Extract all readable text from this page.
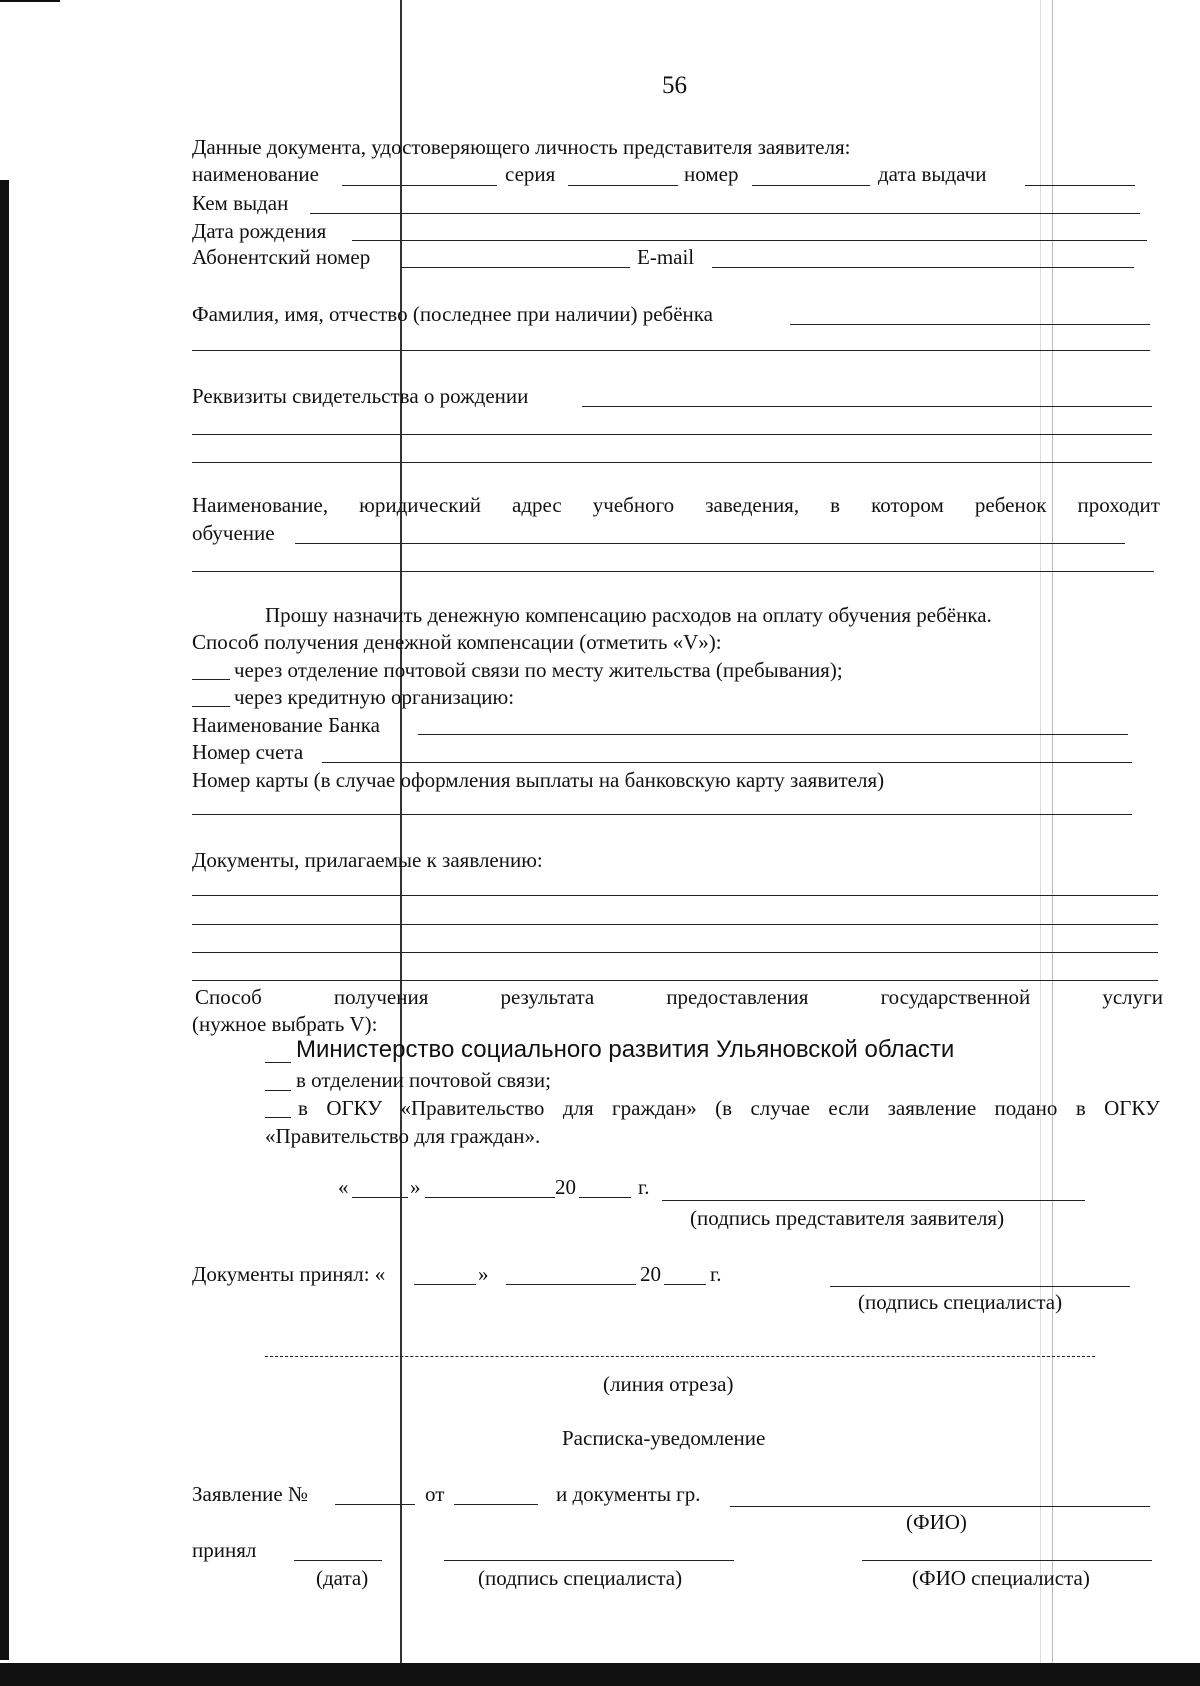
56
Данные документа, удостоверяющего личность представителя заявителя:
наименование	серия	номер	дата выдачи
Кем выдан
Дата рождения
Абонентский номер	E-mail
Фамилия, имя, отчество (последнее при наличии) ребёнка
Реквизиты свидетельства о рождении
Наименование, юридический адрес учебного заведения, в котором ребенок проходит
обучение
Прошу назначить денежную компенсацию расходов на оплату обучения ребёнка.
Способ получения денежной компенсации (отметить «V»):
через отделение почтовой связи по месту жительства (пребывания);
через кредитную организацию:
Наименование Банка
Номер счета
Номер карты (в случае оформления выплаты на банковскую карту заявителя)
Документы, прилагаемые к заявлению:
Способ	получения	результата	предоставления	государственной	услуги
(нужное выбрать V):
Министерство социального развития Ульяновской области
в отделении почтовой связи;
в ОГКУ «Правительство для граждан» (в случае если заявление подано в ОГКУ
«Правительство для граждан».
«	»	20	г.
(подпись представителя заявителя)
Документы принял: «	»	20 г.
(подпись специалиста)
(линия отреза)
Расписка-уведомление
Заявление №	от	и документы гр.
(ФИО)
принял
(дата)	(подпись специалиста)	(ФИО специалиста)
